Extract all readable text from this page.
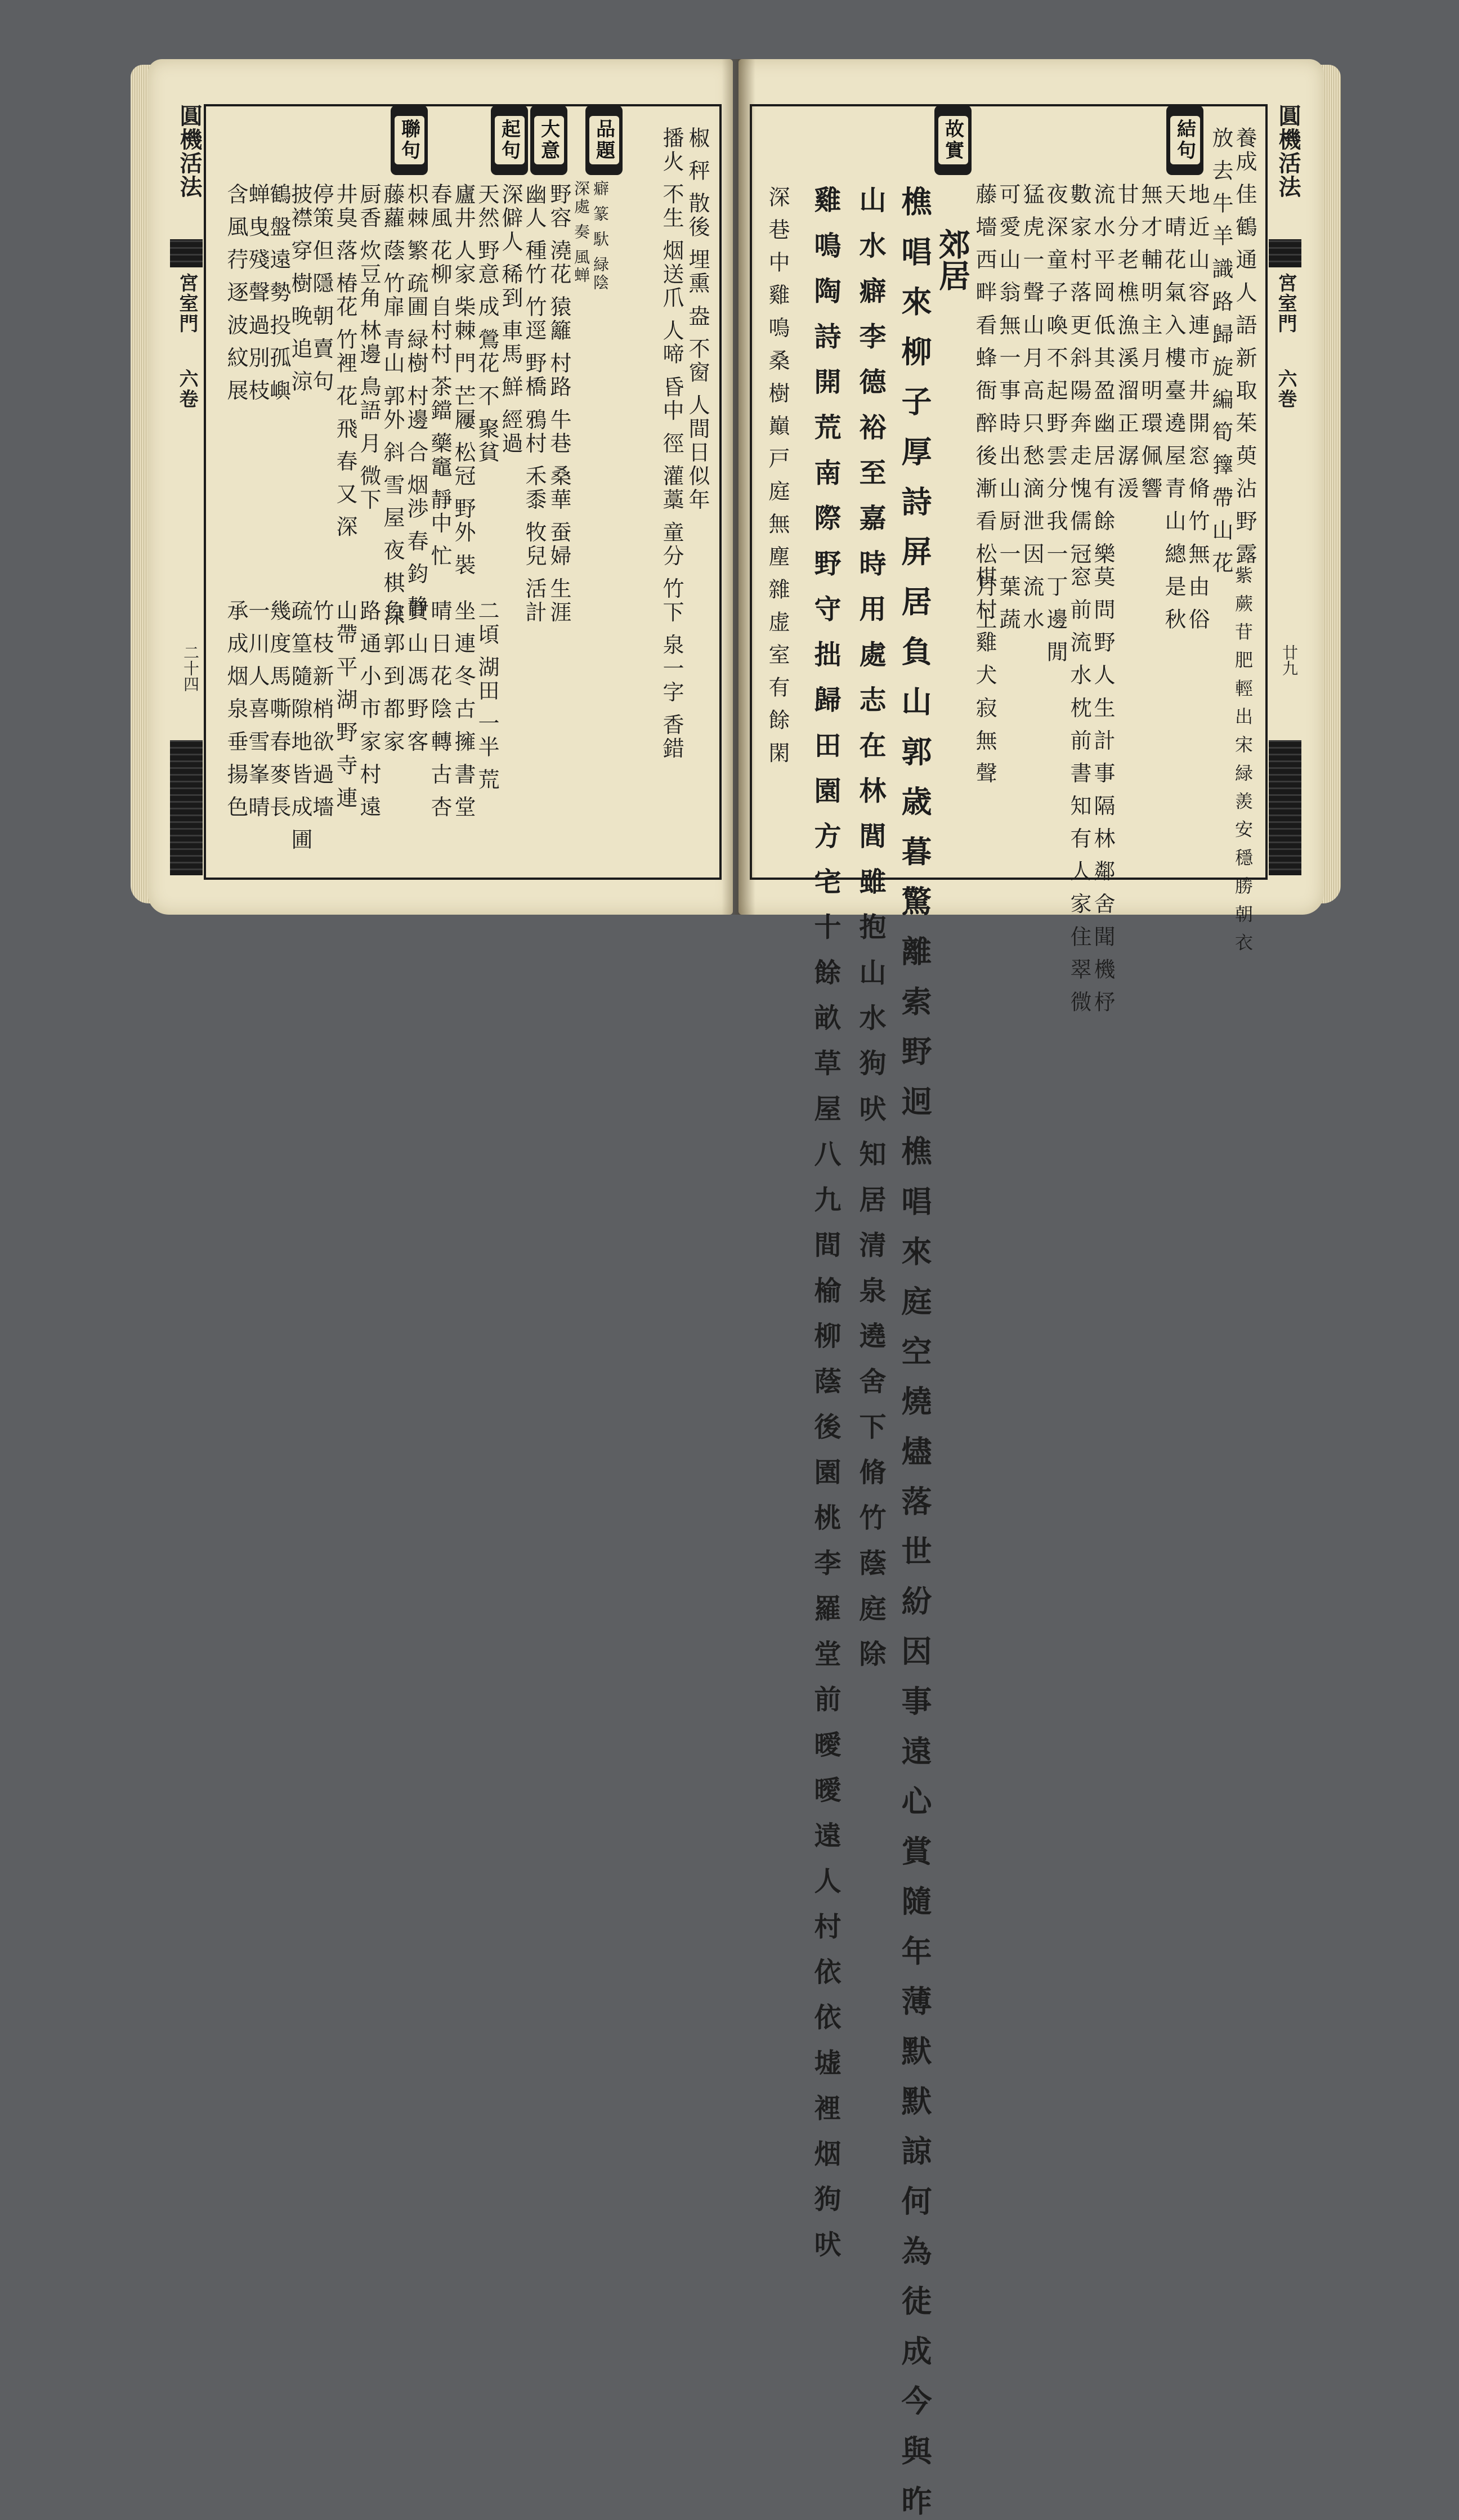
圓機活法
宮室門
六卷
二十四
品題
大意
起句
聯句	椒 秤 散後 埋熏 盎 不窗 人間日似年
播火 不生 烟送爪 人啼 昏中 徑 灌藁 童分 竹下 泉一字 香錯
癖 篆 馱 緑陰
深處 奏 風蝉
野容 澆花 猿籬 村路 牛巷 桑華 蚕婦 生涯
幽人 種竹 竹逕 野橋 鴉村 禾黍 牧兒 活計
深僻人 稀到 車馬 鮮 經過
天然 野意 成 鶯花 不 聚貧
廬井 人家 柴棘 門 芒屨 松冠 野外 裝
春風 花柳 自村村 茶鐺 藥竈 靜中 忙
枳棘 繁 疏圃 緑樹 村邊 合 烟渉 春 鈞 静
藤蘿 蔭 竹扉 青山 郭外 斜 雪 屋 夜 棋 深
厨香 炊豆角 林邊 鳥語 月 微下
井臭 落 椿花 竹裡 花 飛 春 又 深
二頃 湖田 一半 荒
坐 連 冬 古 擁 書 堂
晴 日 花 陰 轉 古 杏
買 山 馮 野 客
負 郭 到 都 家
停策 但 隱 朝 賣 句
披襟 穿 樹 晚 追 涼
鶴 盤 遠 勢 投 孤 嶼
蝉 曳 殘 聲 過 別 枝
含 風 荇 逐 波 紋 展
山帶 平 湖 野 寺 連
路 通 小 市 家 村 遠
竹 枝 新 梢 欲 過 墻
疏 篁 隨 隙 地 皆 成 圃
幾 度 馬 嘶 春 麥 長
一 川 人 喜 雪 峯 晴
承 成 烟 泉 垂 揚 色
圓機活法
宮室門
六巻
廿九
結句
故實	養成 佳 鶴 通 人 語 新 取 茱 萸 沾 野 露
放 去 牛 羊 識 路 歸 旋 編 筍 籜 帶 山 花
地 近 山 容 連 市 井 開 窓 脩 竹 無 由 俗
天 晴 花 氣 入 樓 臺 遶 屋 青 山 總 是 秋
無 才 輔 明 主 月 明 環 佩 響
甘 分 老 樵 漁 溪 溜 正 潺 湲
流 水 平 岡 低 其 盈 幽 居 有 餘 樂
數 家 村 落 更 斜 陽 奔 走 愧 儒 冠
夜 深 童 子 喚 不 起 野 雲 分 我 一 丁 邊 閒
猛 虎 一 聲 山 月 高 只 愁 滴 泄 因 流 水
可 愛 山 翁 無 一 事 時 出 山 厨 一 葉 蔬
藤 墻 西 畔 看 蜂 衙 醉 後 漸 看 松 月 上
莫 問 野 人 生 計 事 隔 林 鄰 舍 聞 機 杼
窓 前 流 水 枕 前 書 知 有 人 家 住 翠 微
棋 村 雞 犬 寂 無 聲	紫 蕨 苷 肥 輕 出 宋 緑 羨 安 穩 勝 朝 衣
郊居
樵 唱 來 柳 子 厚 詩 屏 居 負 山 郭 歳 暮 驚 離 索 野 迥 樵 唱 來 庭 空 燒 燼 落 世 紛 因 事 遠 心 賞 隨 年 薄 默 默 諒 何 為 徒 成 今 與 昨
山 水 癖 李 德 裕 至 嘉 時 用 處 志 在 林 閭 雖 抱 山 水 狗 吠 知 居 清 泉 遶 舍 下 脩 竹 蔭 庭 除
雞 鳴 陶 詩 開 荒 南 際 野 守 拙 歸 田 園 方 宅 十 餘 畝 草 屋 八 九 間 榆 柳 蔭 後 園 桃 李 羅 堂 前 曖 曖 遠 人 村 依 依 墟 裡 烟 狗 吠
深 巷 中 雞 鳴 桑 樹 巔 戸 庭 無 塵 雜 虚 室 有 餘 閑
